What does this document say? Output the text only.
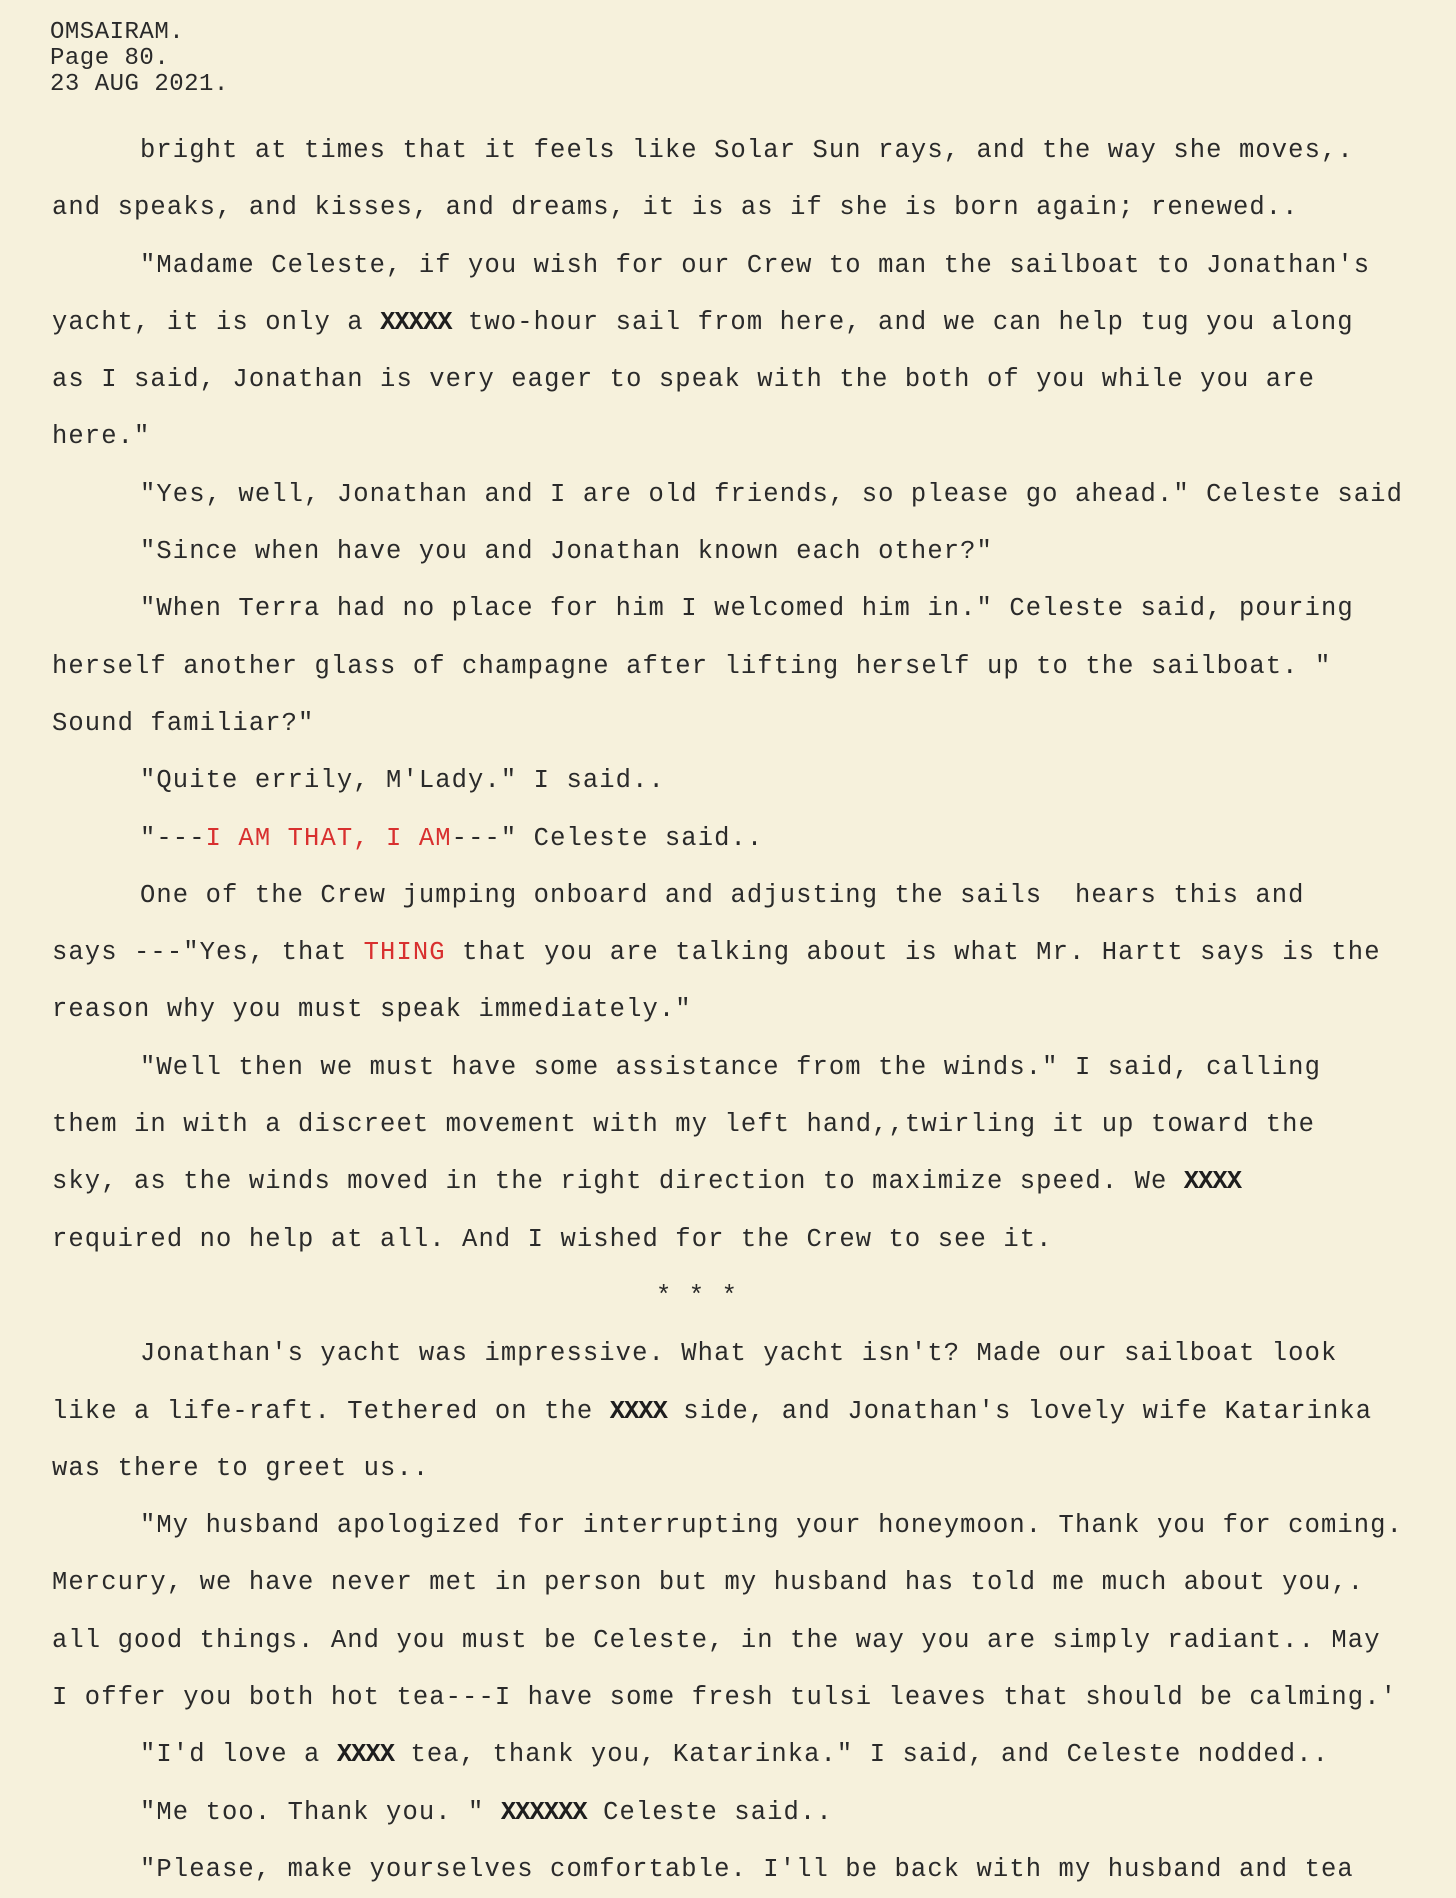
OMSAIRAM.
Page 80.
23 AUG 2021.
bright at times that it feels like Solar Sun rays, and the way she moves,.
and speaks, and kisses, and dreams, it is as if she is born again; renewed..
"Madame Celeste, if you wish for our Crew to man the sailboat to Jonathan's
yacht, it is only a XXXXX two-hour sail from here, and we can help tug you along
as I said, Jonathan is very eager to speak with the both of you while you are
here."
"Yes, well, Jonathan and I are old friends, so please go ahead." Celeste said
"Since when have you and Jonathan known each other?"
"When Terra had no place for him I welcomed him in." Celeste said, pouring
herself another glass of champagne after lifting herself up to the sailboat. "
Sound familiar?"
"Quite errily, M'Lady." I said..
"---I AM THAT, I AM---" Celeste said..
One of the Crew jumping onboard and adjusting the sails  hears this and
says ---"Yes, that THING that you are talking about is what Mr. Hartt says is the
reason why you must speak immediately."
"Well then we must have some assistance from the winds." I said, calling
them in with a discreet movement with my left hand,,twirling it up toward the
sky, as the winds moved in the right direction to maximize speed. We XXXX
required no help at all. And I wished for the Crew to see it.
* * *
Jonathan's yacht was impressive. What yacht isn't? Made our sailboat look
like a life-raft. Tethered on the XXXX side, and Jonathan's lovely wife Katarinka
was there to greet us..
"My husband apologized for interrupting your honeymoon. Thank you for coming.
Mercury, we have never met in person but my husband has told me much about you,.
all good things. And you must be Celeste, in the way you are simply radiant.. May
I offer you both hot tea---I have some fresh tulsi leaves that should be calming.'
"I'd love a XXXX tea, thank you, Katarinka." I said, and Celeste nodded..
"Me too. Thank you. " XXXXXX Celeste said..
"Please, make yourselves comfortable. I'll be back with my husband and tea
